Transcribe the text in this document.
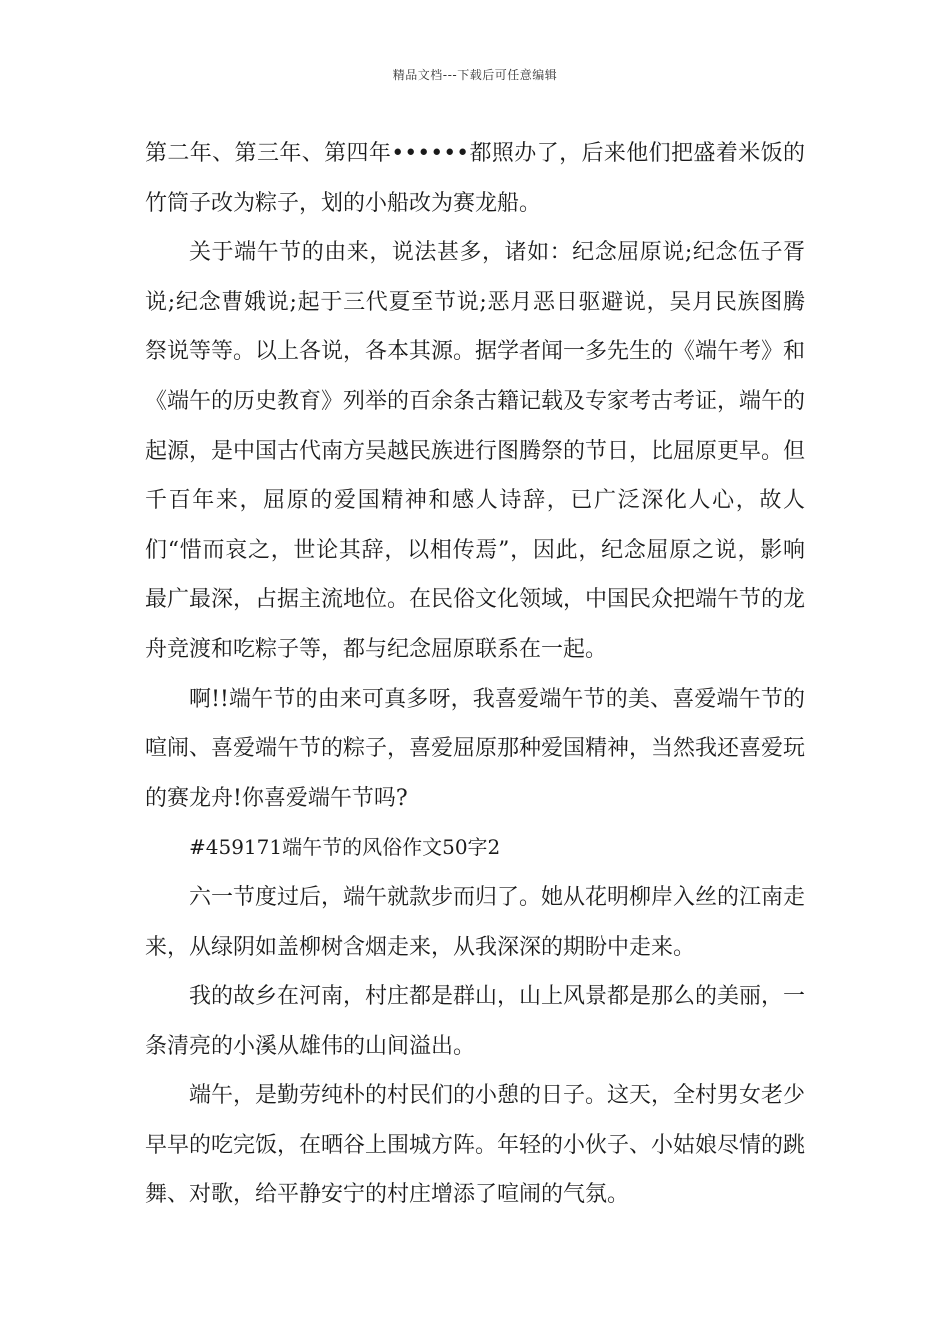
精品文档---下载后可任意编辑

第二年、第三年、第四年••••••都照办了，后来他们把盛着米饭的竹筒子改为粽子，划的小船改为赛龙船。

关于端午节的由来，说法甚多，诸如：纪念屈原说;纪念伍子胥说;纪念曹娥说;起于三代夏至节说;恶月恶日驱避说，吴月民族图腾祭说等等。以上各说，各本其源。据学者闻一多先生的《端午考》和《端午的历史教育》列举的百余条古籍记载及专家考古考证，端午的起源，是中国古代南方吴越民族进行图腾祭的节日，比屈原更早。但千百年来，屈原的爱国精神和感人诗辞，已广泛深化人心，故人们“惜而哀之，世论其辞，以相传焉”，因此，纪念屈原之说，影响最广最深，占据主流地位。在民俗文化领域，中国民众把端午节的龙舟竞渡和吃粽子等，都与纪念屈原联系在一起。

啊!!端午节的由来可真多呀，我喜爱端午节的美、喜爱端午节的喧闹、喜爱端午节的粽子，喜爱屈原那种爱国精神，当然我还喜爱玩的赛龙舟!你喜爱端午节吗?

#459171端午节的风俗作文50字2

六一节度过后，端午就款步而归了。她从花明柳岸入丝的江南走来，从绿阴如盖柳树含烟走来，从我深深的期盼中走来。

我的故乡在河南，村庄都是群山，山上风景都是那么的美丽，一条清亮的小溪从雄伟的山间溢出。

端午，是勤劳纯朴的村民们的小憩的日子。这天，全村男女老少早早的吃完饭，在晒谷上围城方阵。年轻的小伙子、小姑娘尽情的跳舞、对歌，给平静安宁的村庄增添了喧闹的气氛。
